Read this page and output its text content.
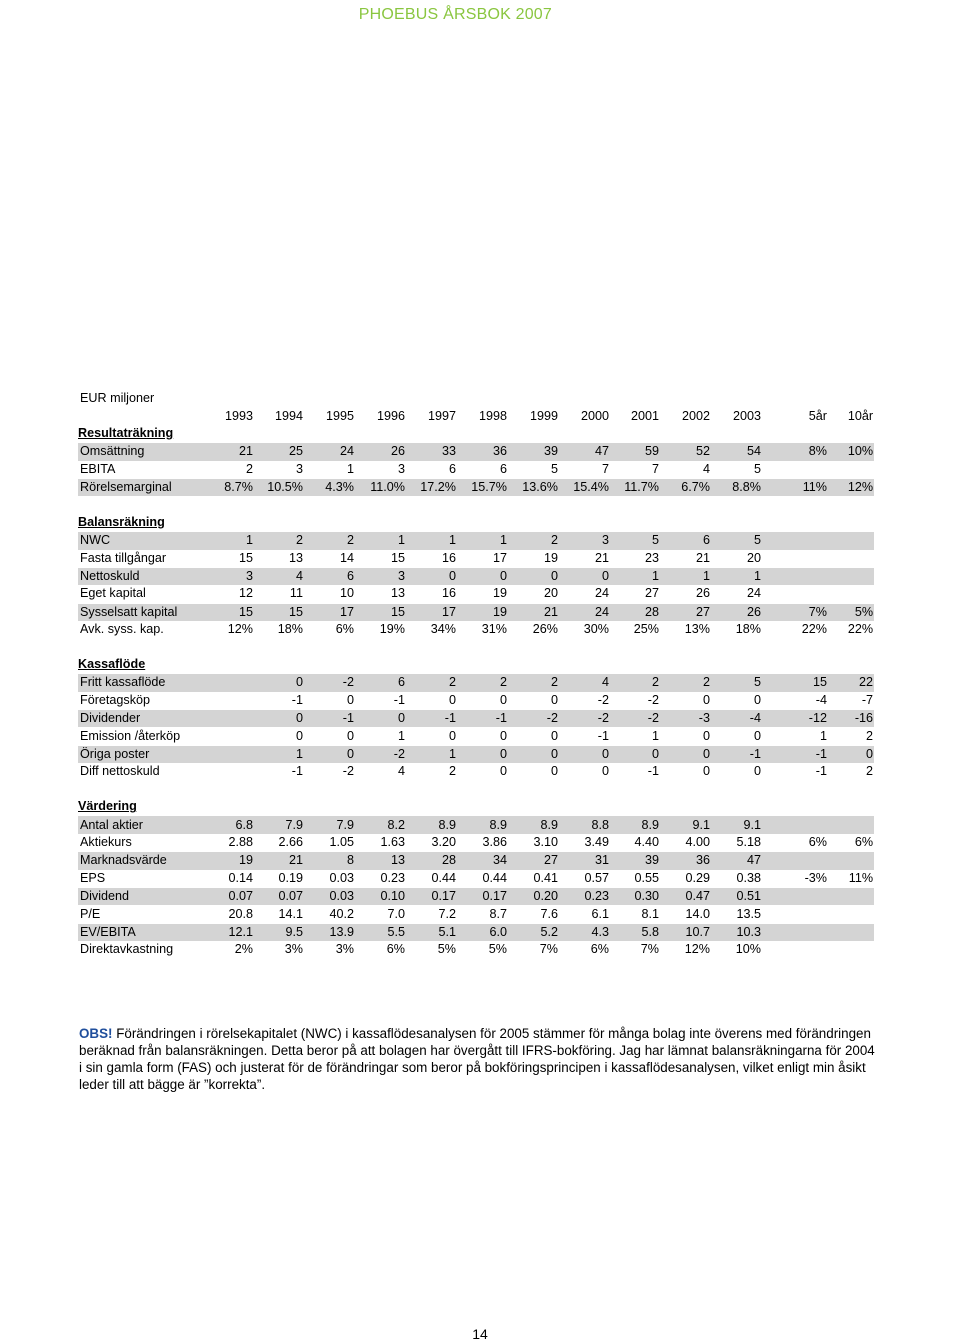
PHOEBUS ÅRSBOK 2007
EUR miljoner													
	1993	1994	1995	1996	1997	1998	1999	2000	2001	2002	2003	5år	10år
Resultaträkning													
Omsättning	21	25	24	26	33	36	39	47	59	52	54	8%	10%
EBITA	2	3	1	3	6	6	5	7	7	4	5		
Rörelsemarginal	8.7%	10.5%	4.3%	11.0%	17.2%	15.7%	13.6%	15.4%	11.7%	6.7%	8.8%	11%	12%

Balansräkning													
NWC	1	2	2	1	1	1	2	3	5	6	5		
Fasta tillgångar	15	13	14	15	16	17	19	21	23	21	20		
Nettoskuld	3	4	6	3	0	0	0	0	1	1	1		
Eget kapital	12	11	10	13	16	19	20	24	27	26	24		
Sysselsatt kapital	15	15	17	15	17	19	21	24	28	27	26	7%	5%
Avk. syss. kap.	12%	18%	6%	19%	34%	31%	26%	30%	25%	13%	18%	22%	22%

Kassaflöde													
Fritt kassaflöde		0	-2	6	2	2	2	4	2	2	5	15	22
Företagsköp		-1	0	-1	0	0	0	-2	-2	0	0	-4	-7
Dividender		0	-1	0	-1	-1	-2	-2	-2	-3	-4	-12	-16
Emission /återköp		0	0	1	0	0	0	-1	1	0	0	1	2
Öriga poster		1	0	-2	1	0	0	0	0	0	-1	-1	0
Diff nettoskuld		-1	-2	4	2	0	0	0	-1	0	0	-1	2

Värdering													
Antal aktier	6.8	7.9	7.9	8.2	8.9	8.9	8.9	8.8	8.9	9.1	9.1		
Aktiekurs	2.88	2.66	1.05	1.63	3.20	3.86	3.10	3.49	4.40	4.00	5.18	6%	6%
Marknadsvärde	19	21	8	13	28	34	27	31	39	36	47		
EPS	0.14	0.19	0.03	0.23	0.44	0.44	0.41	0.57	0.55	0.29	0.38	-3%	11%
Dividend	0.07	0.07	0.03	0.10	0.17	0.17	0.20	0.23	0.30	0.47	0.51		
P/E	20.8	14.1	40.2	7.0	7.2	8.7	7.6	6.1	8.1	14.0	13.5		
EV/EBITA	12.1	9.5	13.9	5.5	5.1	6.0	5.2	4.3	5.8	10.7	10.3		
Direktavkastning	2%	3%	3%	6%	5%	5%	7%	6%	7%	12%	10%		
OBS! Förändringen i rörelsekapitalet (NWC) i kassaflödesanalysen för 2005 stämmer för många bolag inte överens med förändringen beräknad från balansräkningen. Detta beror på att bolagen har övergått till IFRS-bokföring. Jag har lämnat balansräkningarna för 2004 i sin gamla form (FAS) och justerat för de förändringar som beror på bokföringsprincipen i kassaflödesanalysen, vilket enligt min åsikt leder till att bägge är ”korrekta”.
14
